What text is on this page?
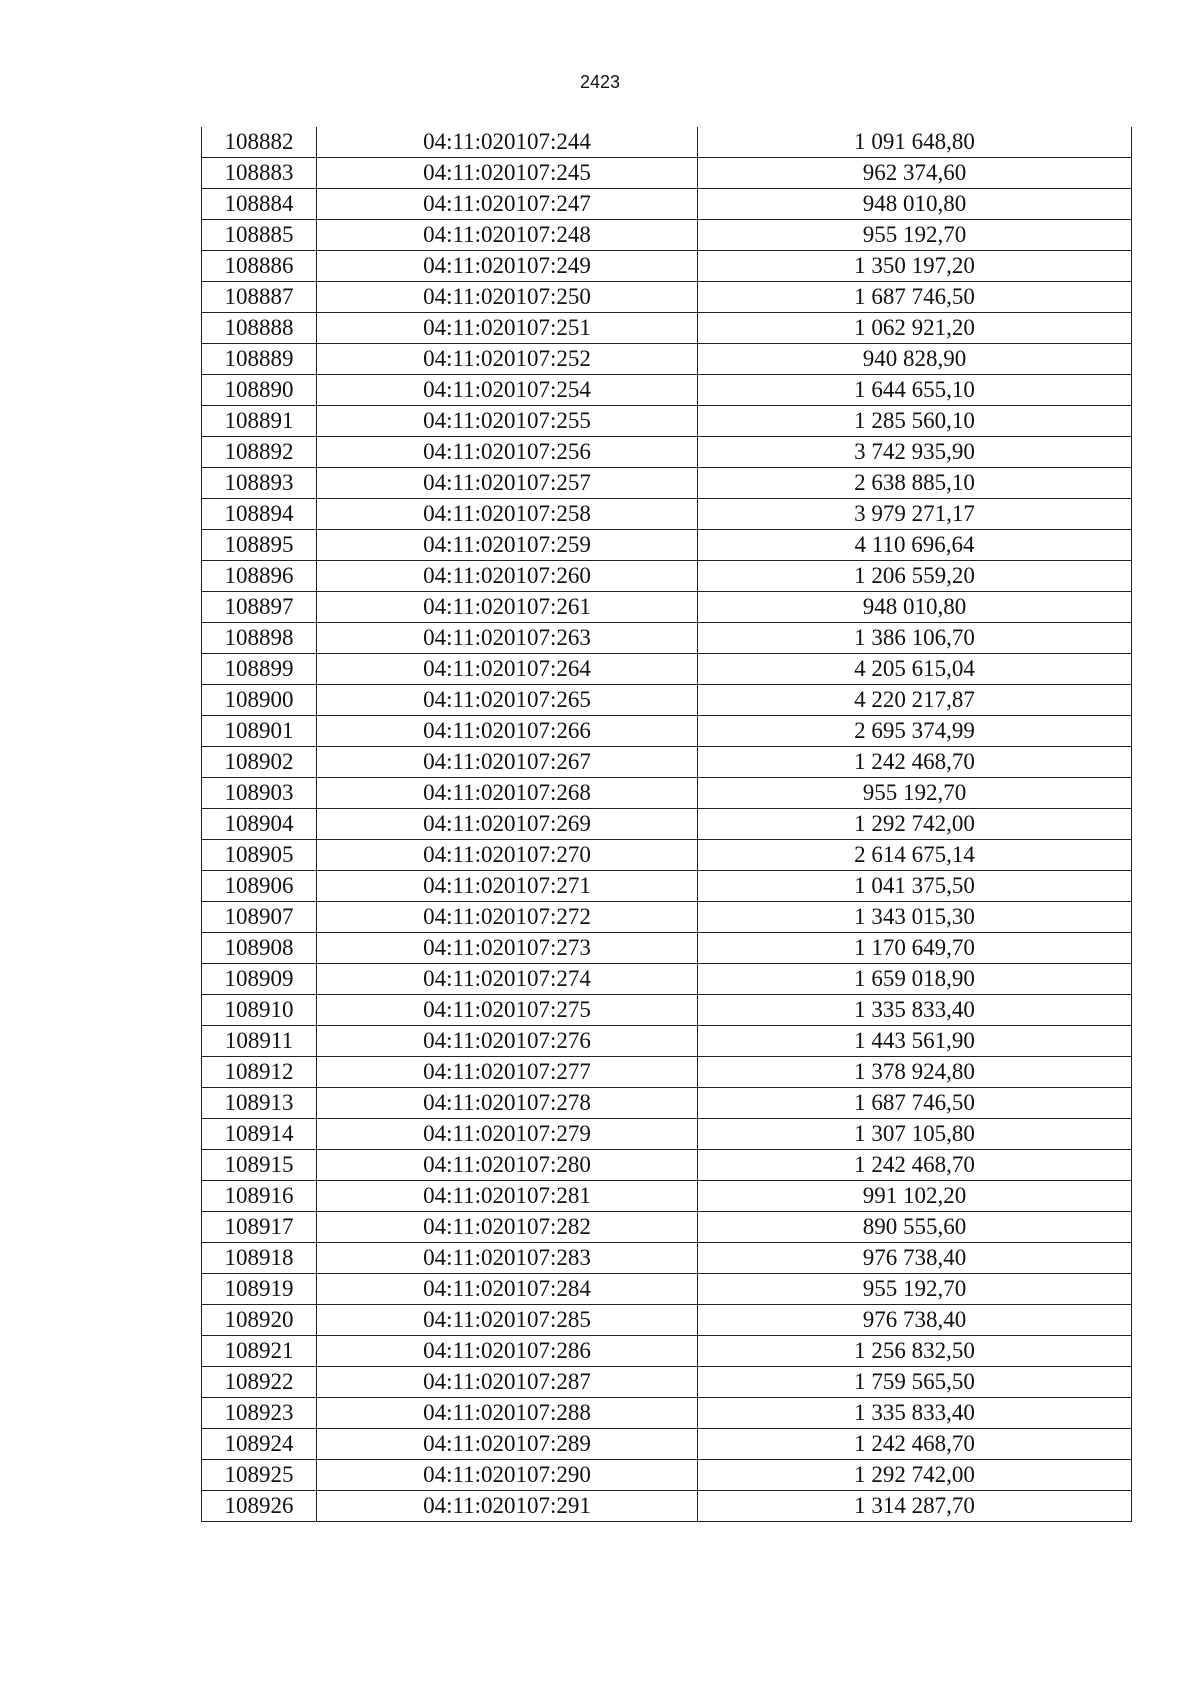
2423
108882	04:11:020107:244	1 091 648,80
108883	04:11:020107:245	962 374,60
108884	04:11:020107:247	948 010,80
108885	04:11:020107:248	955 192,70
108886	04:11:020107:249	1 350 197,20
108887	04:11:020107:250	1 687 746,50
108888	04:11:020107:251	1 062 921,20
108889	04:11:020107:252	940 828,90
108890	04:11:020107:254	1 644 655,10
108891	04:11:020107:255	1 285 560,10
108892	04:11:020107:256	3 742 935,90
108893	04:11:020107:257	2 638 885,10
108894	04:11:020107:258	3 979 271,17
108895	04:11:020107:259	4 110 696,64
108896	04:11:020107:260	1 206 559,20
108897	04:11:020107:261	948 010,80
108898	04:11:020107:263	1 386 106,70
108899	04:11:020107:264	4 205 615,04
108900	04:11:020107:265	4 220 217,87
108901	04:11:020107:266	2 695 374,99
108902	04:11:020107:267	1 242 468,70
108903	04:11:020107:268	955 192,70
108904	04:11:020107:269	1 292 742,00
108905	04:11:020107:270	2 614 675,14
108906	04:11:020107:271	1 041 375,50
108907	04:11:020107:272	1 343 015,30
108908	04:11:020107:273	1 170 649,70
108909	04:11:020107:274	1 659 018,90
108910	04:11:020107:275	1 335 833,40
108911	04:11:020107:276	1 443 561,90
108912	04:11:020107:277	1 378 924,80
108913	04:11:020107:278	1 687 746,50
108914	04:11:020107:279	1 307 105,80
108915	04:11:020107:280	1 242 468,70
108916	04:11:020107:281	991 102,20
108917	04:11:020107:282	890 555,60
108918	04:11:020107:283	976 738,40
108919	04:11:020107:284	955 192,70
108920	04:11:020107:285	976 738,40
108921	04:11:020107:286	1 256 832,50
108922	04:11:020107:287	1 759 565,50
108923	04:11:020107:288	1 335 833,40
108924	04:11:020107:289	1 242 468,70
108925	04:11:020107:290	1 292 742,00
108926	04:11:020107:291	1 314 287,70
